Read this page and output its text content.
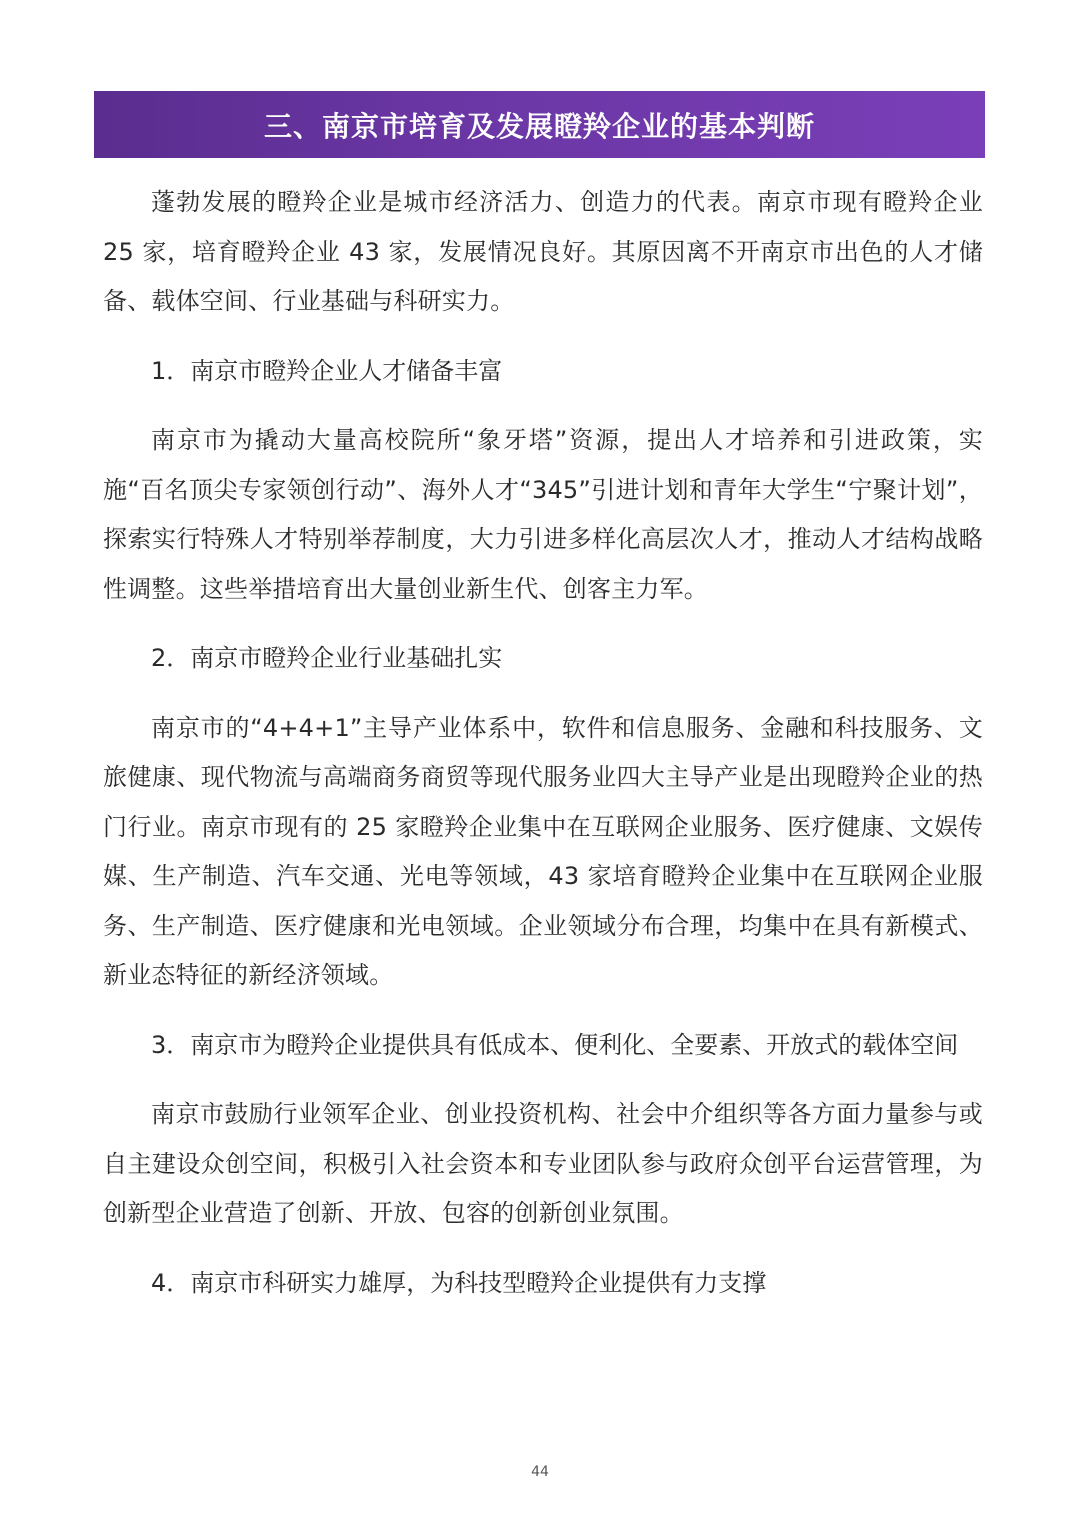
三、南京市培育及发展瞪羚企业的基本判断

蓬勃发展的瞪羚企业是城市经济活力、创造力的代表。南京市现有瞪羚企业 25 家，培育瞪羚企业 43 家，发展情况良好。其原因离不开南京市出色的人才储备、载体空间、行业基础与科研实力。

1．南京市瞪羚企业人才储备丰富

南京市为撬动大量高校院所“象牙塔”资源，提出人才培养和引进政策，实施“百名顶尖专家领创行动”、海外人才“345”引进计划和青年大学生“宁聚计划”，探索实行特殊人才特别举荐制度，大力引进多样化高层次人才，推动人才结构战略性调整。这些举措培育出大量创业新生代、创客主力军。

2．南京市瞪羚企业行业基础扎实

南京市的“4+4+1”主导产业体系中，软件和信息服务、金融和科技服务、文旅健康、现代物流与高端商务商贸等现代服务业四大主导产业是出现瞪羚企业的热门行业。南京市现有的 25 家瞪羚企业集中在互联网企业服务、医疗健康、文娱传媒、生产制造、汽车交通、光电等领域，43 家培育瞪羚企业集中在互联网企业服务、生产制造、医疗健康和光电领域。企业领域分布合理，均集中在具有新模式、新业态特征的新经济领域。

3．南京市为瞪羚企业提供具有低成本、便利化、全要素、开放式的载体空间

南京市鼓励行业领军企业、创业投资机构、社会中介组织等各方面力量参与或自主建设众创空间，积极引入社会资本和专业团队参与政府众创平台运营管理，为创新型企业营造了创新、开放、包容的创新创业氛围。

4．南京市科研实力雄厚，为科技型瞪羚企业提供有力支撑

44
